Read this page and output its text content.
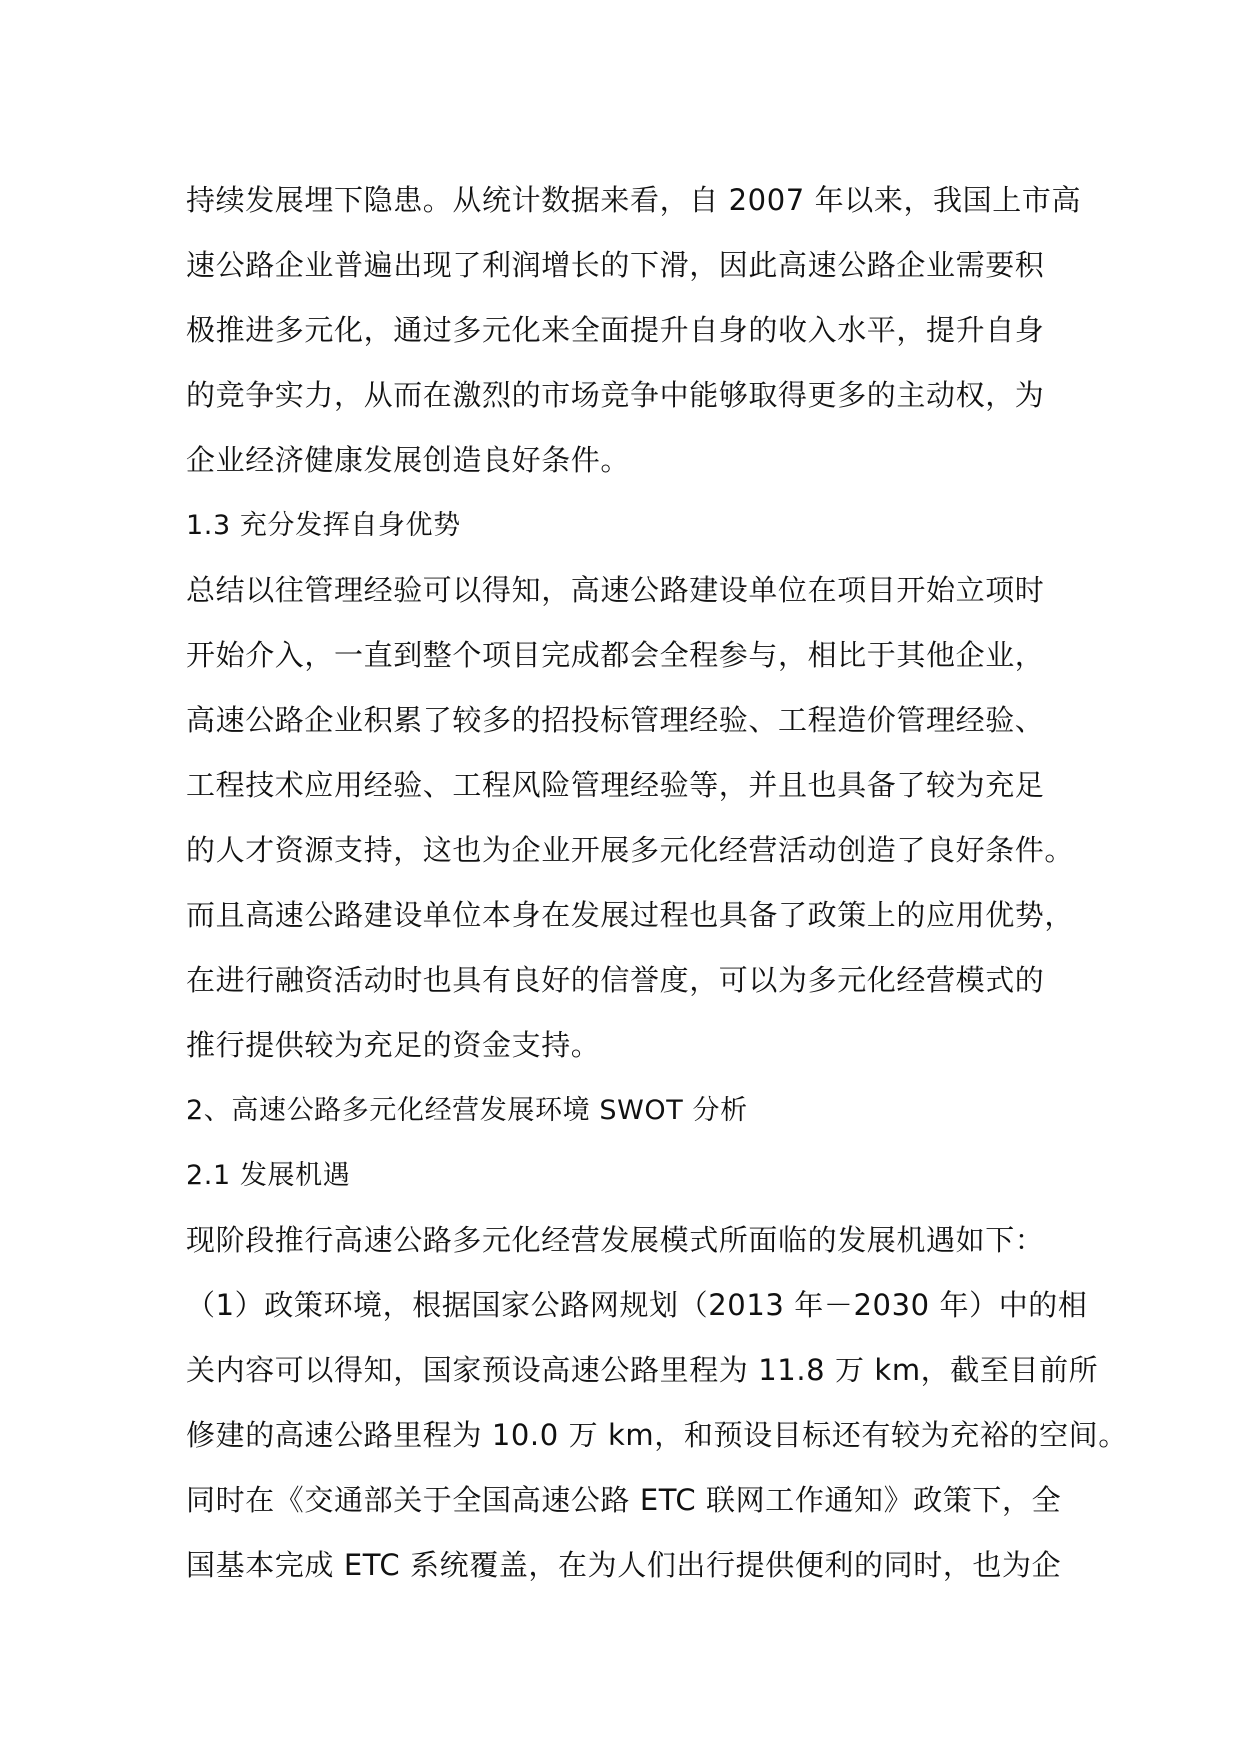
持续发展埋下隐患。从统计数据来看，自 2007 年以来，我国上市高
速公路企业普遍出现了利润增长的下滑，因此高速公路企业需要积
极推进多元化，通过多元化来全面提升自身的收入水平，提升自身
的竞争实力，从而在激烈的市场竞争中能够取得更多的主动权，为
企业经济健康发展创造良好条件。
1.3 充分发挥自身优势
总结以往管理经验可以得知，高速公路建设单位在项目开始立项时
开始介入，一直到整个项目完成都会全程参与，相比于其他企业，
高速公路企业积累了较多的招投标管理经验、工程造价管理经验、
工程技术应用经验、工程风险管理经验等，并且也具备了较为充足
的人才资源支持，这也为企业开展多元化经营活动创造了良好条件。
而且高速公路建设单位本身在发展过程也具备了政策上的应用优势，
在进行融资活动时也具有良好的信誉度，可以为多元化经营模式的
推行提供较为充足的资金支持。
2、高速公路多元化经营发展环境 SWOT 分析
2.1 发展机遇
现阶段推行高速公路多元化经营发展模式所面临的发展机遇如下：
（1）政策环境，根据国家公路网规划（2013 年－2030 年）中的相
关内容可以得知，国家预设高速公路里程为 11.8 万 km，截至目前所
修建的高速公路里程为 10.0 万 km，和预设目标还有较为充裕的空间。
同时在《交通部关于全国高速公路 ETC 联网工作通知》政策下，全
国基本完成 ETC 系统覆盖，在为人们出行提供便利的同时，也为企
